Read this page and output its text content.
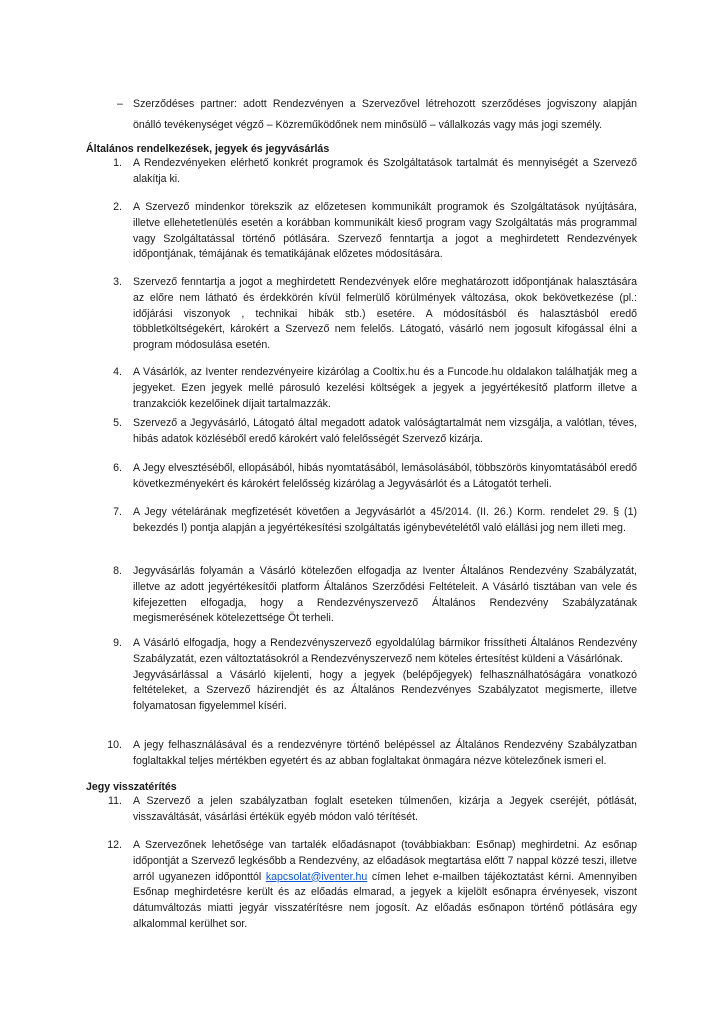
– Szerződéses partner: adott Rendezvényen a Szervezővel létrehozott szerződéses jogviszony alapján önálló tevékenységet végző – Közreműködőnek nem minősülő – vállalkozás vagy más jogi személy.
Általános rendelkezések, jegyek és jegyvásárlás
1. A Rendezvényeken elérhető konkrét programok és Szolgáltatások tartalmát és mennyiségét a Szervező alakítja ki.
2. A Szervező mindenkor törekszik az előzetesen kommunikált programok és Szolgáltatások nyújtására, illetve ellehetetlenülés esetén a korábban kommunikált kieső program vagy Szolgáltatás más programmal vagy Szolgáltatással történő pótlására. Szervező fenntartja a jogot a meghirdetett Rendezvények időpontjának, témájának és tematikájának előzetes módosítására.
3. Szervező fenntartja a jogot a meghirdetett Rendezvények előre meghatározott időpontjának halasztására az előre nem látható és érdekkörén kívül felmerülő körülmények változása, okok bekövetkezése (pl.: időjárási viszonyok , technikai hibák stb.) esetére. A módosításból és halasztásból eredő többletköltségekért, károkért a Szervező nem felelős. Látogató, vásárló nem jogosult kifogással élni a program módosulása esetén.
4. A Vásárlók, az Iventer rendezvényeire kizárólag a Cooltix.hu és a Funcode.hu oldalakon találhatják meg a jegyeket. Ezen jegyek mellé párosuló kezelési költségek a jegyek a jegyértékesítő platform illetve a tranzakciók kezelőinek díjait tartalmazzák.
5. Szervező a Jegyvásárló, Látogató által megadott adatok valóságtartalmát nem vizsgálja, a valótlan, téves, hibás adatok közléséből eredő károkért való felelősségét Szervező kizárja.
6. A Jegy elvesztéséből, ellopásából, hibás nyomtatásából, lemásolásából, többszörös kinyomtatásából eredő következményekért és károkért felelősség kizárólag a Jegyvásárlót és a Látogatót terheli.
7. A Jegy vételárának megfizetését követően a Jegyvásárlót a 45/2014. (II. 26.) Korm. rendelet 29. § (1) bekezdés l) pontja alapján a jegyértékesítési szolgáltatás igénybevételétől való elállási jog nem illeti meg.
8. Jegyvásárlás folyamán a Vásárló kötelezően elfogadja az Iventer Általános Rendezvény Szabályzatát, illetve az adott jegyértékesítői platform Általános Szerződési Feltételeit. A Vásárló tisztában van vele és kifejezetten elfogadja, hogy a Rendezvényszervező Általános Rendezvény Szabályzatának megismerésének kötelezettsége Öt terheli.
9. A Vásárló elfogadja, hogy a Rendezvényszervező egyoldalúlag bármikor frissítheti Általános Rendezvény Szabályzatát, ezen változtatásokról a Rendezvényszervező nem köteles értesítést küldeni a Vásárlónak.

Jegyvásárlással a Vásárló kijelenti, hogy a jegyek (belépőjegyek) felhasználhatóságára vonatkozó feltételeket, a Szervező házirendjét és az Általános Rendezvényes Szabályzatot megismerte, illetve folyamatosan figyelemmel kíséri.

10. A jegy felhasználásával és a rendezvényre történő belépéssel az Általános Rendezvény Szabályzatban foglaltakkal teljes mértékben egyetért és az abban foglaltakat önmagára nézve kötelezőnek ismeri el.
Jegy visszatérítés
11. A Szervező a jelen szabályzatban foglalt eseteken túlmenően, kizárja a Jegyek cseréjét, pótlását, visszaváltását, vásárlási értékük egyéb módon való térítését.
12. A Szervezőnek lehetősége van tartalék előadásnapot (továbbiakban: Esőnap) meghirdetni. Az esőnap időpontját a Szervező legkésőbb a Rendezvény, az előadások megtartása előtt 7 nappal közzé teszi, illetve arról ugyanezen időponttól kapcsolat@iventer.hu címen lehet e-mailben tájékoztatást kérni. Amennyiben Esőnap meghirdetésre került és az előadás elmarad, a jegyek a kijelölt esőnapra érvényesek, viszont dátumváltozás miatti jegyár visszatérítésre nem jogosít. Az előadás esőnapon történő pótlására egy alkalommal kerülhet sor.
